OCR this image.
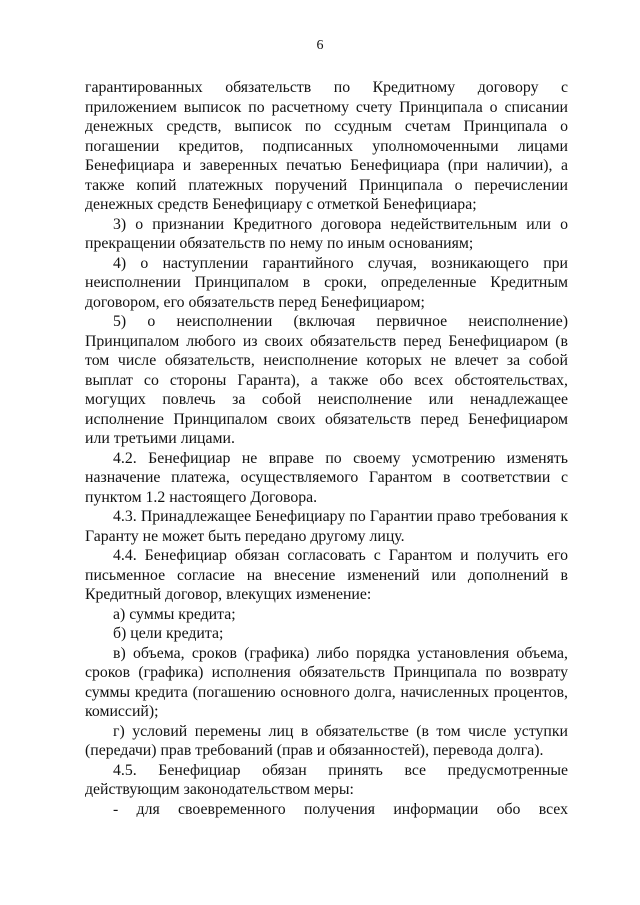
6

гарантированных обязательств по Кредитному договору с приложением выписок по расчетному счету Принципала о списании денежных средств, выписок по ссудным счетам Принципала о погашении кредитов, подписанных уполномоченными лицами Бенефициара и заверенных печатью Бенефициара (при наличии), а также копий платежных поручений Принципала о перечислении денежных средств Бенефициару с отметкой Бенефициара;

3) о признании Кредитного договора недействительным или о прекращении обязательств по нему по иным основаниям;

4) о наступлении гарантийного случая, возникающего при неисполнении Принципалом в сроки, определенные Кредитным договором, его обязательств перед Бенефициаром;

5) о неисполнении (включая первичное неисполнение) Принципалом любого из своих обязательств перед Бенефициаром (в том числе обязательств, неисполнение которых не влечет за собой выплат со стороны Гаранта), а также обо всех обстоятельствах, могущих повлечь за собой неисполнение или ненадлежащее исполнение Принципалом своих обязательств перед Бенефициаром или третьими лицами.

4.2. Бенефициар не вправе по своему усмотрению изменять назначение платежа, осуществляемого Гарантом в соответствии с пунктом 1.2 настоящего Договора.

4.3. Принадлежащее Бенефициару по Гарантии право требования к Гаранту не может быть передано другому лицу.

4.4. Бенефициар обязан согласовать с Гарантом и получить его письменное согласие на внесение изменений или дополнений в Кредитный договор, влекущих изменение:

а) суммы кредита;

б) цели кредита;

в) объема, сроков (графика) либо порядка установления объема, сроков (графика) исполнения обязательств Принципала по возврату суммы кредита (погашению основного долга, начисленных процентов, комиссий);

г) условий перемены лиц в обязательстве (в том числе уступки (передачи) прав требований (прав и обязанностей), перевода долга).

4.5. Бенефициар обязан принять все предусмотренные действующим законодательством меры:

- для своевременного получения информации обо всех
